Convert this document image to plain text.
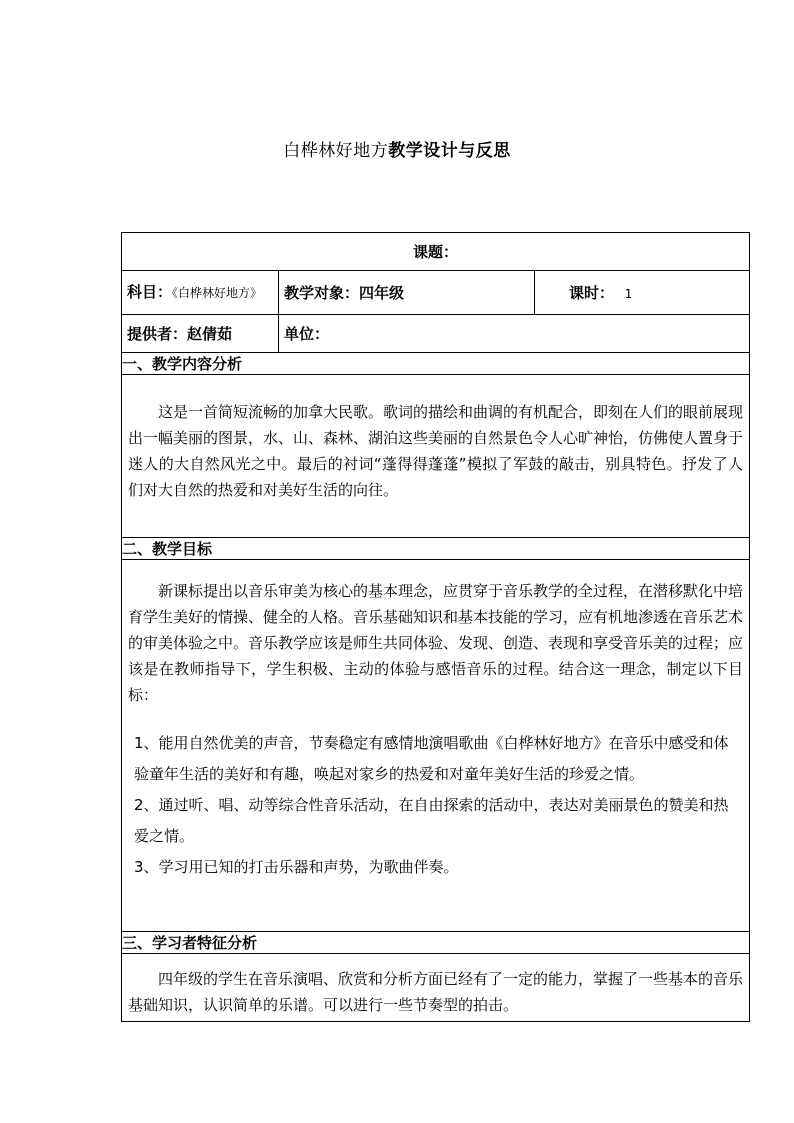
白桦林好地方教学设计与反思
课题：		

科目：《白桦林好地方》	教学对象：四年级	课时： 1

提供者：赵倩茹	单位：	

一、教学内容分析		

这是一首简短流畅的加拿大民歌。歌词的描绘和曲调的有机配合，即刻在人们的眼前展现出一幅美丽的图景，水、山、森林、湖泊这些美丽的自然景色令人心旷神怡，仿佛使人置身于迷人的大自然风光之中。最后的衬词“蓬得得蓬蓬”模拟了军鼓的敲击，别具特色。抒发了人们对大自然的热爱和对美好生活的向往。		

二、教学目标		

新课标提出以音乐审美为核心的基本理念，应贯穿于音乐教学的全过程，在潜移默化中培育学生美好的情操、健全的人格。音乐基础知识和基本技能的学习，应有机地渗透在音乐艺术的审美体验之中。音乐教学应该是师生共同体验、发现、创造、表现和享受音乐美的过程；应该是在教师指导下，学生积极、主动的体验与感悟音乐的过程。结合这一理念，制定以下目标：

1、能用自然优美的声音，节奏稳定有感情地演唱歌曲《白桦林好地方》在音乐中感受和体验童年生活的美好和有趣，唤起对家乡的热爱和对童年美好生活的珍爱之情。

2、通过听、唱、动等综合性音乐活动，在自由探索的活动中，表达对美丽景色的赞美和热爱之情。

3、学习用已知的打击乐器和声势，为歌曲伴奏。		

三、学习者特征分析		

四年级的学生在音乐演唱、欣赏和分析方面已经有了一定的能力，掌握了一些基本的音乐基础知识，认识简单的乐谱。可以进行一些节奏型的拍击。		
